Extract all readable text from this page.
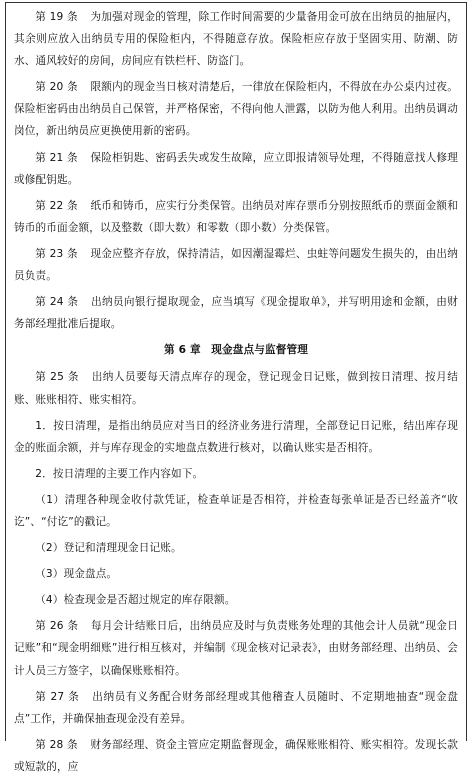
第 19 条 为加强对现金的管理，除工作时间需要的少量备用金可放在出纳员的抽屉内，其余则应放入出纳员专用的保险柜内，不得随意存放。保险柜应存放于坚固实用、防潮、防水、通风较好的房间，房间应有铁栏杆、防盗门。

第 20 条 限额内的现金当日核对清楚后，一律放在保险柜内，不得放在办公桌内过夜。保险柜密码由出纳员自己保管，并严格保密，不得向他人泄露，以防为他人利用。出纳员调动岗位，新出纳员应更换使用新的密码。

第 21 条 保险柜钥匙、密码丢失或发生故障，应立即报请领导处理，不得随意找人修理或修配钥匙。

第 22 条 纸币和铸币，应实行分类保管。出纳员对库存票币分别按照纸币的票面金额和铸币的币面金额，以及整数（即大数）和零数（即小数）分类保管。

第 23 条 现金应整齐存放，保持清洁，如因潮湿霉烂、虫蛀等问题发生损失的，由出纳员负责。

第 24 条 出纳员向银行提取现金，应当填写《现金提取单》，并写明用途和金额，由财务部经理批准后提取。

第 6 章 现金盘点与监督管理

第 25 条 出纳人员要每天清点库存的现金，登记现金日记账，做到按日清理、按月结账、账账相符、账实相符。

1．按日清理，是指出纳员应对当日的经济业务进行清理，全部登记日记账，结出库存现金的账面余额，并与库存现金的实地盘点数进行核对，以确认账实是否相符。

2．按日清理的主要工作内容如下。

（1）清理各种现金收付款凭证，检查单证是否相符，并检查每张单证是否已经盖齐“收讫”、“付讫”的戳记。

（2）登记和清理现金日记账。

（3）现金盘点。

（4）检查现金是否超过规定的库存限额。

第 26 条 每月会计结账日后，出纳员应及时与负责账务处理的其他会计人员就“现金日记账”和“现金明细账”进行相互核对，并编制《现金核对记录表》，由财务部经理、出纳员、会计人员三方签字，以确保账账相符。

第 27 条 出纳员有义务配合财务部经理或其他稽查人员随时、不定期地抽查“现金盘点”工作，并确保抽查现金没有差异。

第 28 条 财务部经理、资金主管应定期监督现金，确保账账相符、账实相符。发现长款或短款的，应
